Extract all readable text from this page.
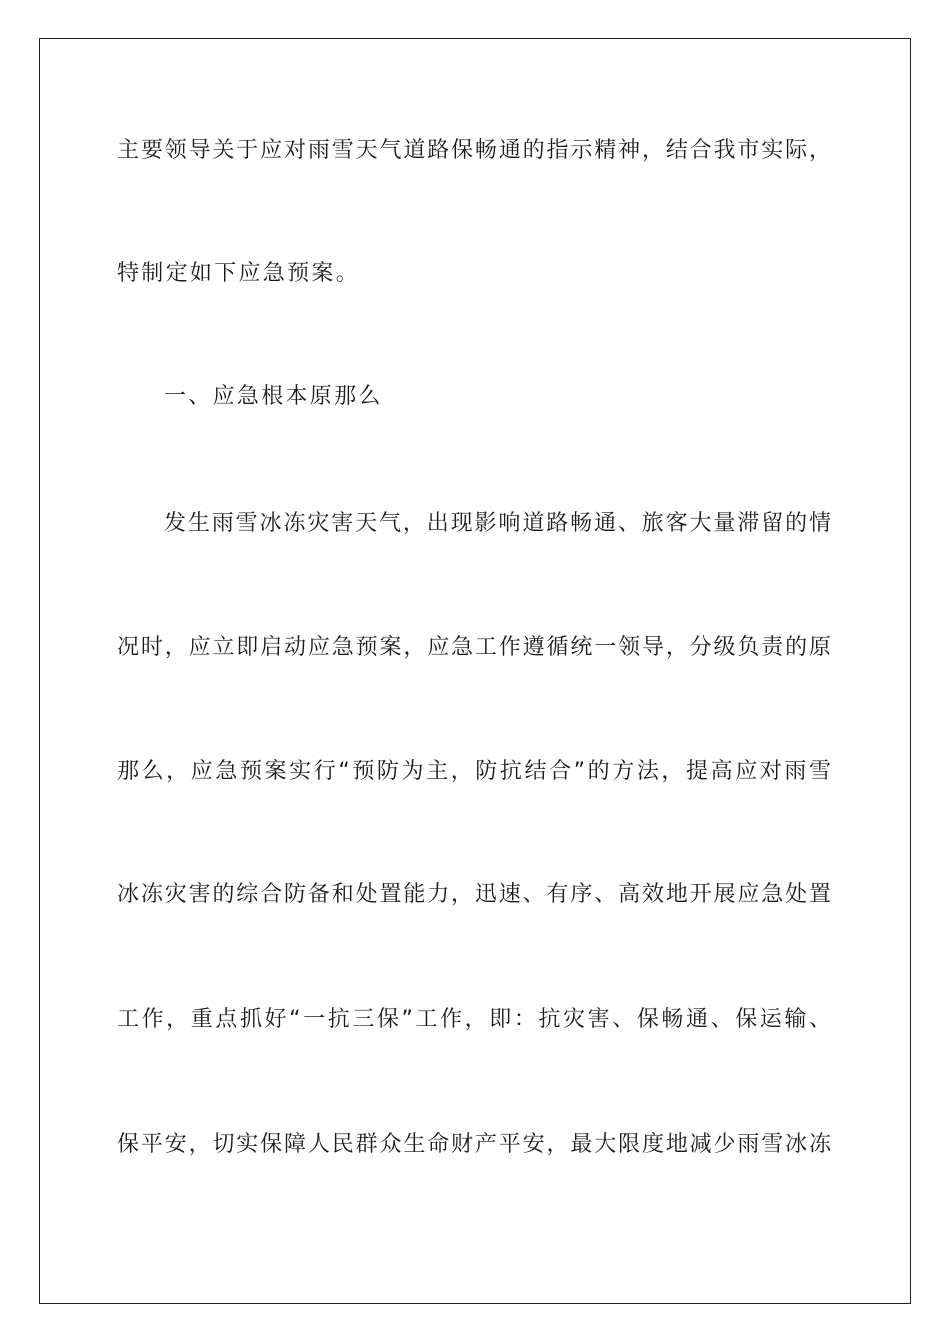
主要领导关于应对雨雪天气道路保畅通的指示精神，结合我市实际，
特制定如下应急预案。
一、应急根本原那么
发生雨雪冰冻灾害天气，出现影响道路畅通、旅客大量滞留的情
况时，应立即启动应急预案，应急工作遵循统一领导，分级负责的原
那么，应急预案实行“预防为主，防抗结合”的方法，提高应对雨雪
冰冻灾害的综合防备和处置能力，迅速、有序、高效地开展应急处置
工作，重点抓好“一抗三保”工作，即：抗灾害、保畅通、保运输、
保平安，切实保障人民群众生命财产平安，最大限度地减少雨雪冰冻
